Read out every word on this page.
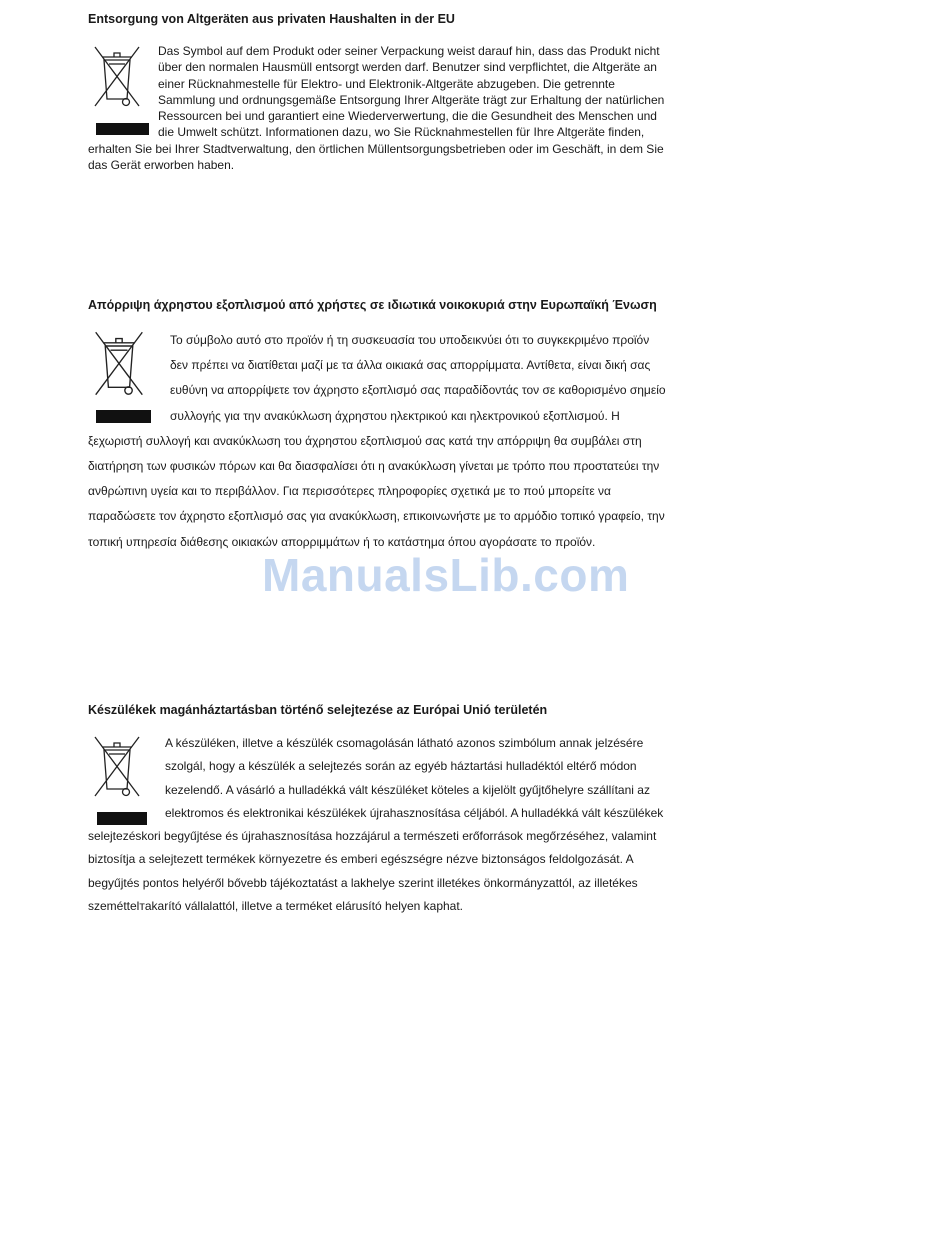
Entsorgung von Altgeräten aus privaten Haushalten in der EU

Das Symbol auf dem Produkt oder seiner Verpackung weist darauf hin, dass das Produkt nicht über den normalen Hausmüll entsorgt werden darf. Benutzer sind verpflichtet, die Altgeräte an einer Rücknahmestelle für Elektro- und Elektronik-Altgeräte abzugeben. Die getrennte Sammlung und ordnungsgemäße Entsorgung Ihrer Altgeräte trägt zur Erhaltung der natürlichen Ressourcen bei und garantiert eine Wiederverwertung, die die Gesundheit des Menschen und die Umwelt schützt. Informationen dazu, wo Sie Rücknahmestellen für Ihre Altgeräte finden, erhalten Sie bei Ihrer Stadtverwaltung, den örtlichen Müllentsorgungsbetrieben oder im Geschäft, in dem Sie das Gerät erworben haben.

Απόρριψη άχρηστου εξοπλισμού από χρήστες σε ιδιωτικά νοικοκυριά στην Ευρωπαϊκή Ένωση

Το σύμβολο αυτό στο προϊόν ή τη συσκευασία του υποδεικνύει ότι το συγκεκριμένο προϊόν δεν πρέπει να διατίθεται μαζί με τα άλλα οικιακά σας απορρίμματα. Αντίθετα, είναι δική σας ευθύνη να απορρίψετε τον άχρηστο εξοπλισμό σας παραδίδοντάς τον σε καθορισμένο σημείο συλλογής για την ανακύκλωση άχρηστου ηλεκτρικού και ηλεκτρονικού εξοπλισμού. Η ξεχωριστή συλλογή και ανακύκλωση του άχρηστου εξοπλισμού σας κατά την απόρριψη θα συμβάλει στη διατήρηση των φυσικών πόρων και θα διασφαλίσει ότι η ανακύκλωση γίνεται με τρόπο που προστατεύει την ανθρώπινη υγεία και το περιβάλλον. Για περισσότερες πληροφορίες σχετικά με το πού μπορείτε να παραδώσετε τον άχρηστο εξοπλισμό σας για ανακύκλωση, επικοινωνήστε με το αρμόδιο τοπικό γραφείο, την τοπική υπηρεσία διάθεσης οικιακών απορριμμάτων ή το κατάστημα όπου αγοράσατε το προϊόν.

Készülékek magánháztartásban történő selejtezése az Európai Unió területén

A készüléken, illetve a készülék csomagolásán látható azonos szimbólum annak jelzésére szolgál, hogy a készülék a selejtezés során az egyéb háztartási hulladéktól eltérő módon kezelendő. A vásárló a hulladékká vált készüléket köteles a kijelölt gyűjtőhelyre szállítani az elektromos és elektronikai készülékek újrahasznosítása céljából. A hulladékká vált készülékek selejtezéskori begyűjtése és újrahasznosítása hozzájárul a természeti erőforrások megőrzéséhez, valamint biztosítja a selejtezett termékek környezetre és emberi egészségre nézve biztonságos feldolgozását. A begyűjtés pontos helyéről bővebb tájékoztatást a lakhelye szerint illetékes önkormányzattól, az illetékes szeméttelтakarító vállalattól, illetve a terméket elárusító helyen kaphat.

ManualsLib.com
